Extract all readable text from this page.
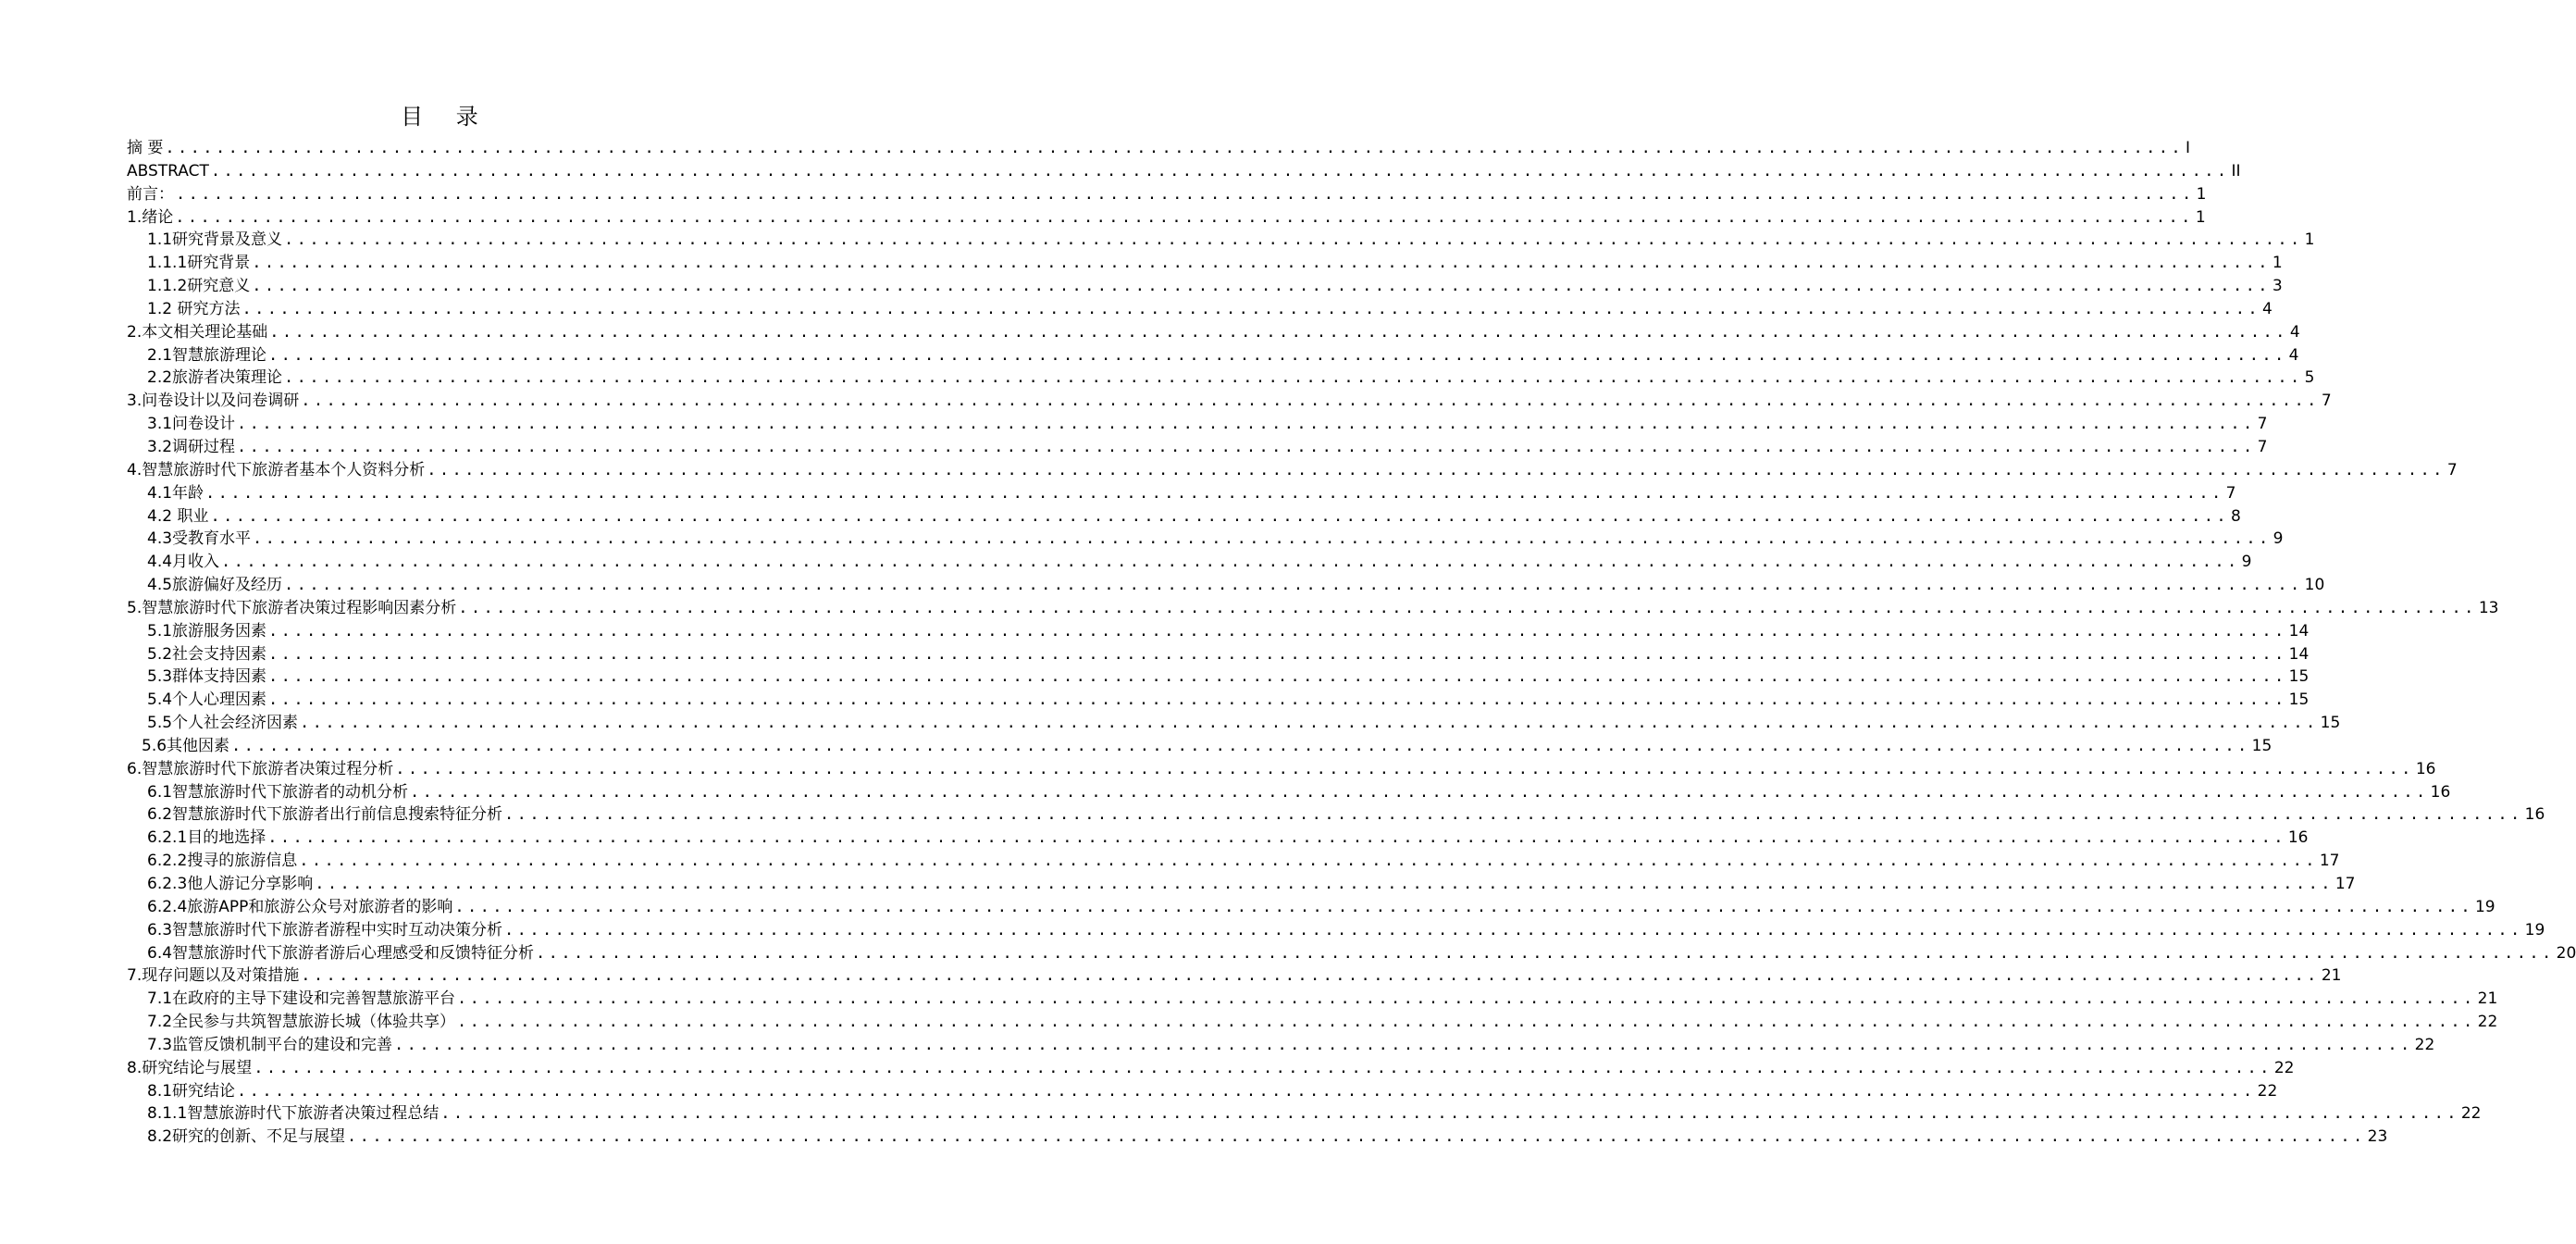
目 录
摘 要 ................................................................................................................................................................ I
ABSTRACT ................................................................................................................................................................ II
前言： ................................................................................................................................................................ 1
1.绪论 ................................................................................................................................................................ 1
1.1研究背景及意义 ................................................................................................................................................................ 1
1.1.1研究背景 ................................................................................................................................................................ 1
1.1.2研究意义 ................................................................................................................................................................ 3
1.2 研究方法 ................................................................................................................................................................ 4
2.本文相关理论基础 ................................................................................................................................................................ 4
2.1智慧旅游理论 ................................................................................................................................................................ 4
2.2旅游者决策理论 ................................................................................................................................................................ 5
3.问卷设计以及问卷调研 ................................................................................................................................................................ 7
3.1问卷设计 ................................................................................................................................................................ 7
3.2调研过程 ................................................................................................................................................................ 7
4.智慧旅游时代下旅游者基本个人资料分析 ................................................................................................................................................................ 7
4.1年龄 ................................................................................................................................................................ 7
4.2 职业 ................................................................................................................................................................ 8
4.3受教育水平 ................................................................................................................................................................ 9
4.4月收入 ................................................................................................................................................................ 9
4.5旅游偏好及经历 ................................................................................................................................................................ 10
5.智慧旅游时代下旅游者决策过程影响因素分析 ................................................................................................................................................................ 13
5.1旅游服务因素 ................................................................................................................................................................ 14
5.2社会支持因素 ................................................................................................................................................................ 14
5.3群体支持因素 ................................................................................................................................................................ 15
5.4个人心理因素 ................................................................................................................................................................ 15
5.5个人社会经济因素 ................................................................................................................................................................ 15
5.6其他因素 ................................................................................................................................................................ 15
6.智慧旅游时代下旅游者决策过程分析 ................................................................................................................................................................ 16
6.1智慧旅游时代下旅游者的动机分析 ................................................................................................................................................................ 16
6.2智慧旅游时代下旅游者出行前信息搜索特征分析 ................................................................................................................................................................ 16
6.2.1目的地选择 ................................................................................................................................................................ 16
6.2.2搜寻的旅游信息 ................................................................................................................................................................ 17
6.2.3他人游记分享影响 ................................................................................................................................................................ 17
6.2.4旅游APP和旅游公众号对旅游者的影响 ................................................................................................................................................................ 19
6.3智慧旅游时代下旅游者游程中实时互动决策分析 ................................................................................................................................................................ 19
6.4智慧旅游时代下旅游者游后心理感受和反馈特征分析 ................................................................................................................................................................ 20
7.现存问题以及对策措施 ................................................................................................................................................................ 21
7.1在政府的主导下建设和完善智慧旅游平台 ................................................................................................................................................................ 21
7.2全民参与共筑智慧旅游长城（体验共享） ................................................................................................................................................................ 22
7.3监管反馈机制平台的建设和完善 ................................................................................................................................................................ 22
8.研究结论与展望 ................................................................................................................................................................ 22
8.1研究结论 ................................................................................................................................................................ 22
8.1.1智慧旅游时代下旅游者决策过程总结 ................................................................................................................................................................ 22
8.2研究的创新、不足与展望 ................................................................................................................................................................ 23
